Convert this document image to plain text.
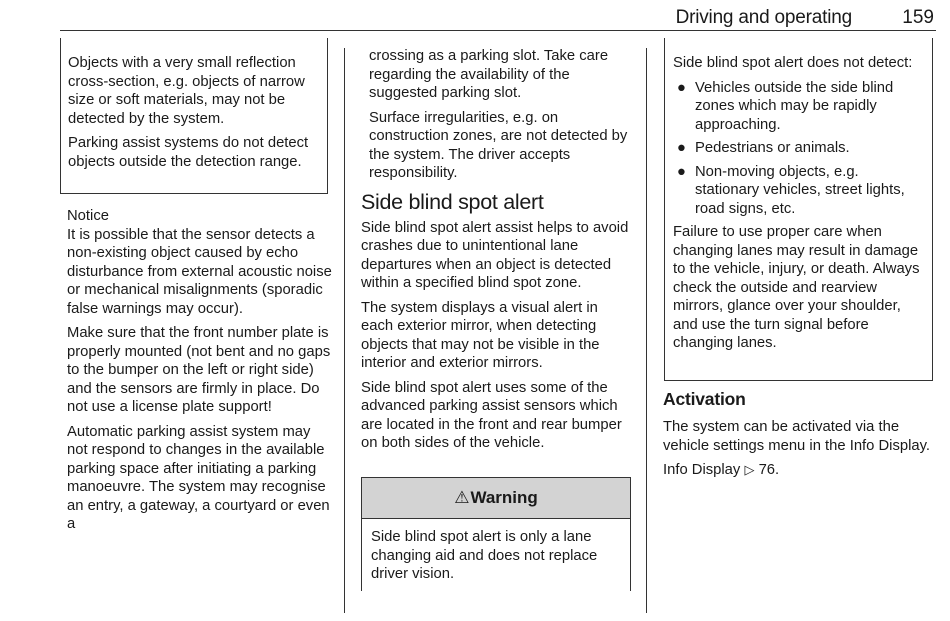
Driving and operating	159

Objects with a very small reflection cross-section, e.g. objects of narrow size or soft materials, may not be detected by the system.

Parking assist systems do not detect objects outside the detection range.

Notice

It is possible that the sensor detects a non-existing object caused by echo disturbance from external acoustic noise or mechanical misalignments (sporadic false warnings may occur).

Make sure that the front number plate is properly mounted (not bent and no gaps to the bumper on the left or right side) and the sensors are firmly in place. Do not use a license plate support!

Automatic parking assist system may not respond to changes in the available parking space after initiating a parking manoeuvre. The system may recognise an entry, a gateway, a courtyard or even a

crossing as a parking slot. Take care regarding the availability of the suggested parking slot.

Surface irregularities, e.g. on construction zones, are not detected by the system. The driver accepts responsibility.

Side blind spot alert

Side blind spot alert assist helps to avoid crashes due to unintentional lane departures when an object is detected within a specified blind spot zone.

The system displays a visual alert in each exterior mirror, when detecting objects that may not be visible in the interior and exterior mirrors.

Side blind spot alert uses some of the advanced parking assist sensors which are located in the front and rear bumper on both sides of the vehicle.

⚠ Warning

Side blind spot alert is only a lane changing aid and does not replace driver vision.

Side blind spot alert does not detect:

● Vehicles outside the side blind zones which may be rapidly approaching.
● Pedestrians or animals.
● Non-moving objects, e.g. stationary vehicles, street lights, road signs, etc.

Failure to use proper care when changing lanes may result in damage to the vehicle, injury, or death. Always check the outside and rearview mirrors, glance over your shoulder, and use the turn signal before changing lanes.

Activation

The system can be activated via the vehicle settings menu in the Info Display.

Info Display ▷ 76.
